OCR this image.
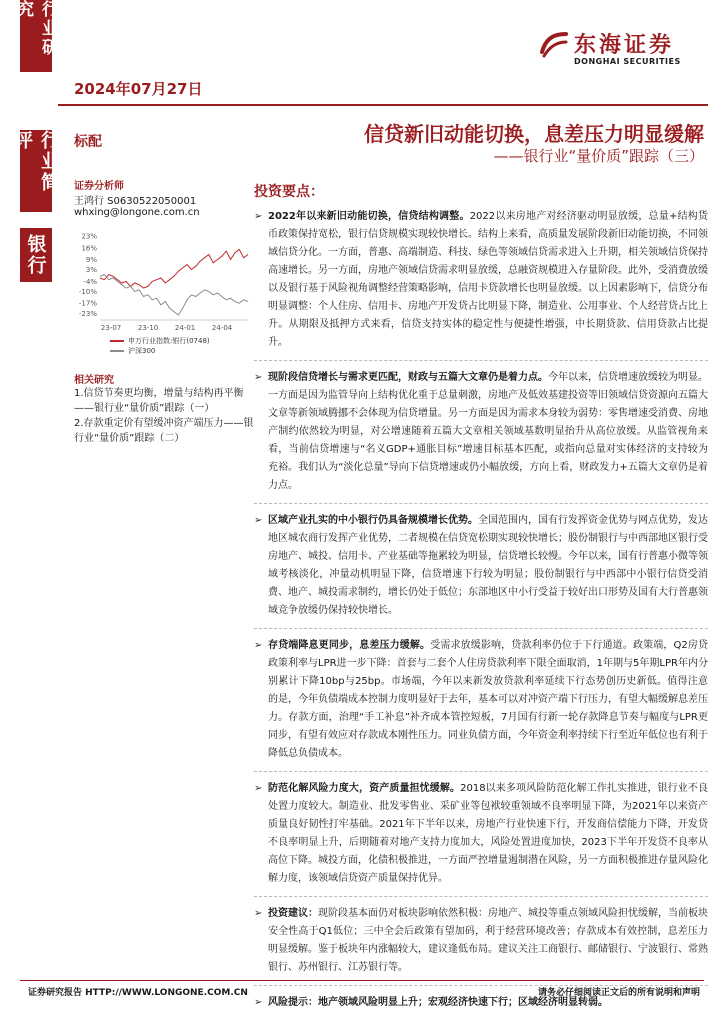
行业研究
行业简评
银行
2024年07月27日
东海证券
DONGHAI SECURITIES
标配	信贷新旧动能切换，息差压力明显缓解
——银行业“量价质”跟踪（三）
证券分析师
王鸿行 S0630522050001
whxing@longone.com.cn
23%
16%
9%
3%
-4%
-10%
-17%
-23%
23-07 23-10 24-01 24-04
申万行业指数:银行(0748)
沪深300
相关研究
1.信贷节奏更均衡，增量与结构再平衡——银行业“量价质”跟踪（一）
2.存款重定价有望缓冲资产端压力——银行业“量价质”跟踪（二）
投资要点：
➢ 2022年以来新旧动能切换，信贷结构调整。2022以来房地产对经济驱动明显放缓，总量+结构货币政策保持宽松，银行信贷规模实现较快增长。结构上来看，高质量发展阶段新旧动能切换，不同领域信贷分化。一方面，普惠、高端制造、科技、绿色等领域信贷需求进入上升期，相关领域信贷保持高速增长。另一方面，房地产领域信贷需求明显放缓，总融资规模进入存量阶段。此外，受消费放缓以及银行基于风险视角调整经营策略影响，信用卡贷款增长也明显放缓。以上因素影响下，信贷分布明显调整：个人住房、信用卡、房地产开发贷占比明显下降，制造业、公用事业、个人经营贷占比上升。从期限及抵押方式来看，信贷支持实体的稳定性与便捷性增强，中长期贷款、信用贷款占比提升。
➢ 现阶段信贷增长与需求更匹配，财政与五篇大文章仍是着力点。今年以来，信贷增速放缓较为明显。一方面是因为监管导向上结构优化重于总量刺激，房地产及低效基建投资等旧领域信贷资源向五篇大文章等新领域腾挪不会体现为信贷增量。另一方面是因为需求本身较为弱势：零售增速受消费、房地产制约依然较为明显，对公增速随着五篇大文章相关领域基数明显抬升从高位放缓。从监管视角来看，当前信贷增速与“名义GDP+通胀目标”增速目标基本匹配，或指向总量对实体经济的支持较为充裕。我们认为“淡化总量”导向下信贷增速或仍小幅放缓，方向上看，财政发力+五篇大文章仍是着力点。
➢ 区域产业扎实的中小银行仍具备规模增长优势。全国范围内，国有行发挥资金优势与网点优势，发达地区城农商行发挥产业优势，二者规模在信贷宽松期实现较快增长；股份制银行与中西部地区银行受房地产、城投、信用卡、产业基础等拖累较为明显，信贷增长较慢。今年以来，国有行普惠小微等领域考核淡化，冲量动机明显下降，信贷增速下行较为明显；股份制银行与中西部中小银行信贷受消费、地产、城投需求制约，增长仍处于低位；东部地区中小行受益于较好出口形势及国有大行普惠领域竞争放缓仍保持较快增长。
➢ 存贷端降息更同步，息差压力缓解。受需求放缓影响，贷款利率仍位于下行通道。政策端，Q2房贷政策利率与LPR进一步下降：首套与二套个人住房贷款利率下限全面取消，1年期与5年期LPR年内分别累计下降10bp与25bp。市场端，今年以来新发放贷款利率延续下行态势创历史新低。值得注意的是，今年负债端成本控制力度明显好于去年，基本可以对冲资产端下行压力，有望大幅缓解息差压力。存款方面，治理“手工补息”补齐成本管控短板，7月国有行新一轮存款降息节奏与幅度与LPR更同步，有望有效应对存款成本刚性压力。同业负债方面，今年资金利率持续下行至近年低位也有利于降低总负债成本。
➢ 防范化解风险力度大，资产质量担忧缓解。2018以来多项风险防范化解工作扎实推进，银行业不良处置力度较大。制造业、批发零售业、采矿业等包袱较重领域不良率明显下降，为2021年以来资产质量良好韧性打牢基础。2021年下半年以来，房地产行业快速下行，开发商信偿能力下降，开发贷不良率明显上升，后期随着对地产支持力度加大，风险处置进度加快，2023下半年开发贷不良率从高位下降。城投方面，化债积极推进，一方面严控增量遏制潜在风险，另一方面积极推进存量风险化解力度，该领域信贷资产质量保持优异。
➢ 投资建议：现阶段基本面仍对板块影响依然积极：房地产、城投等重点领域风险担忧缓解，当前板块安全性高于Q1低位；三中全会后政策有望加码，利于经营环境改善；存款成本有效控制，息差压力明显缓解。鉴于板块年内涨幅较大，建议逢低布局。建议关注工商银行、邮储银行、宁波银行、常熟银行、苏州银行、江苏银行等。
➢ 风险提示：地产领域风险明显上升；宏观经济快速下行；区域经济明显转弱。
证券研究报告 HTTP://WWW.LONGONE.COM.CN	请务必仔细阅读正文后的所有说明和声明
